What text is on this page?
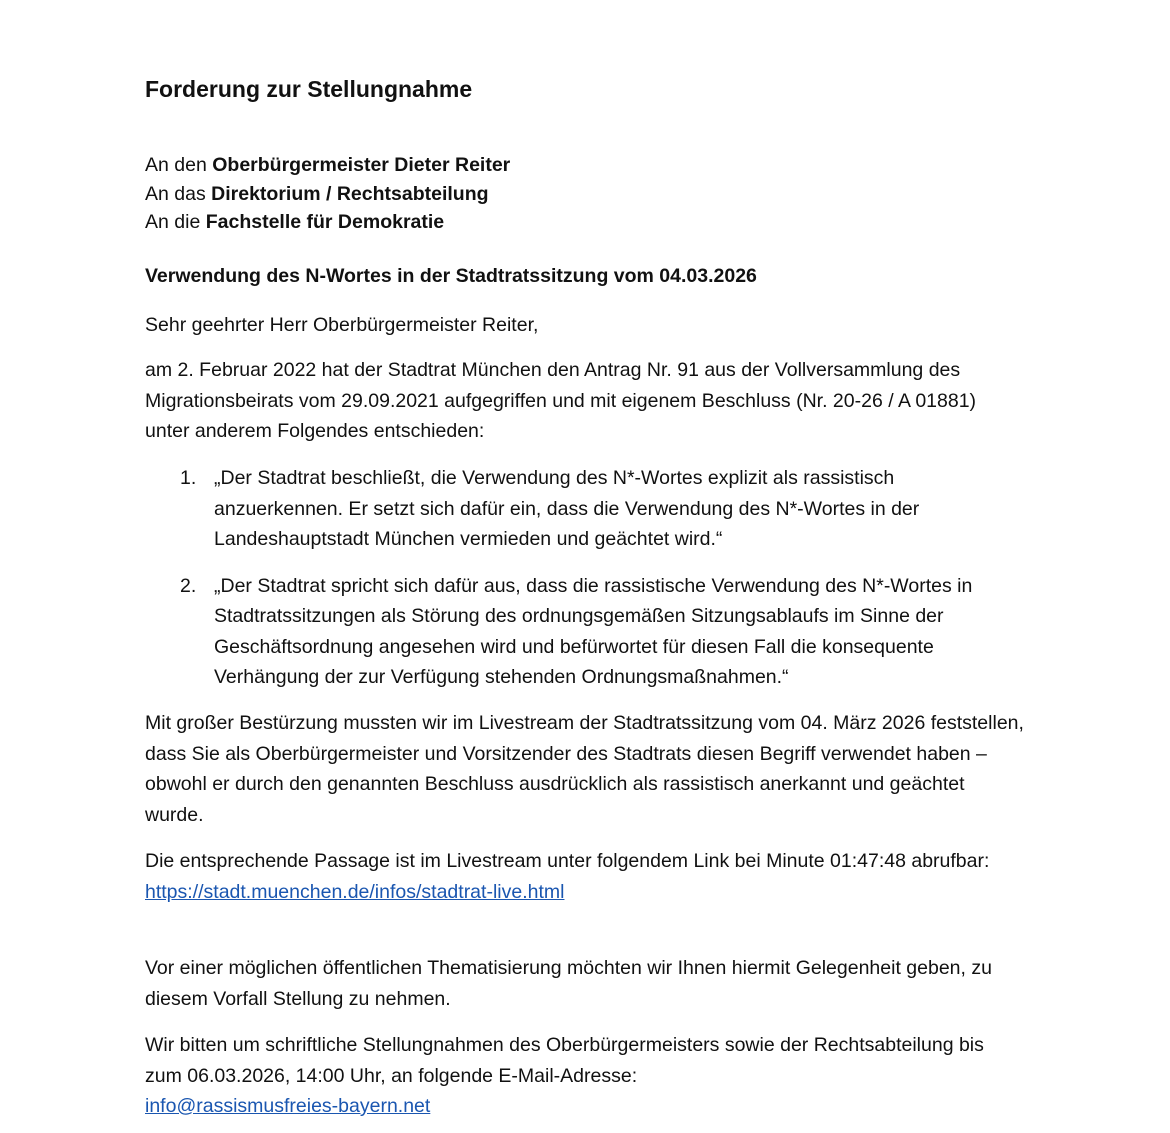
Forderung zur Stellungnahme
An den Oberbürgermeister Dieter Reiter
An das Direktorium / Rechtsabteilung
An die Fachstelle für Demokratie
Verwendung des N-Wortes in der Stadtratssitzung vom 04.03.2026
Sehr geehrter Herr Oberbürgermeister Reiter,
am 2. Februar 2022 hat der Stadtrat München den Antrag Nr. 91 aus der Vollversammlung des Migrationsbeirats vom 29.09.2021 aufgegriffen und mit eigenem Beschluss (Nr. 20-26 / A 01881) unter anderem Folgendes entschieden:
1. „Der Stadtrat beschließt, die Verwendung des N*-Wortes explizit als rassistisch anzuerkennen. Er setzt sich dafür ein, dass die Verwendung des N*-Wortes in der Landeshauptstadt München vermieden und geächtet wird.“
2. „Der Stadtrat spricht sich dafür aus, dass die rassistische Verwendung des N*-Wortes in Stadtratssitzungen als Störung des ordnungsgemäßen Sitzungsablaufs im Sinne der Geschäftsordnung angesehen wird und befürwortet für diesen Fall die konsequente Verhängung der zur Verfügung stehenden Ordnungsmaßnahmen.“
Mit großer Bestürzung mussten wir im Livestream der Stadtratssitzung vom 04. März 2026 feststellen, dass Sie als Oberbürgermeister und Vorsitzender des Stadtrats diesen Begriff verwendet haben – obwohl er durch den genannten Beschluss ausdrücklich als rassistisch anerkannt und geächtet wurde.
Die entsprechende Passage ist im Livestream unter folgendem Link bei Minute 01:47:48 abrufbar:
https://stadt.muenchen.de/infos/stadtrat-live.html
Vor einer möglichen öffentlichen Thematisierung möchten wir Ihnen hiermit Gelegenheit geben, zu diesem Vorfall Stellung zu nehmen.
Wir bitten um schriftliche Stellungnahmen des Oberbürgermeisters sowie der Rechtsabteilung bis zum 06.03.2026, 14:00 Uhr, an folgende E-Mail-Adresse:
info@rassismusfreies-bayern.net
